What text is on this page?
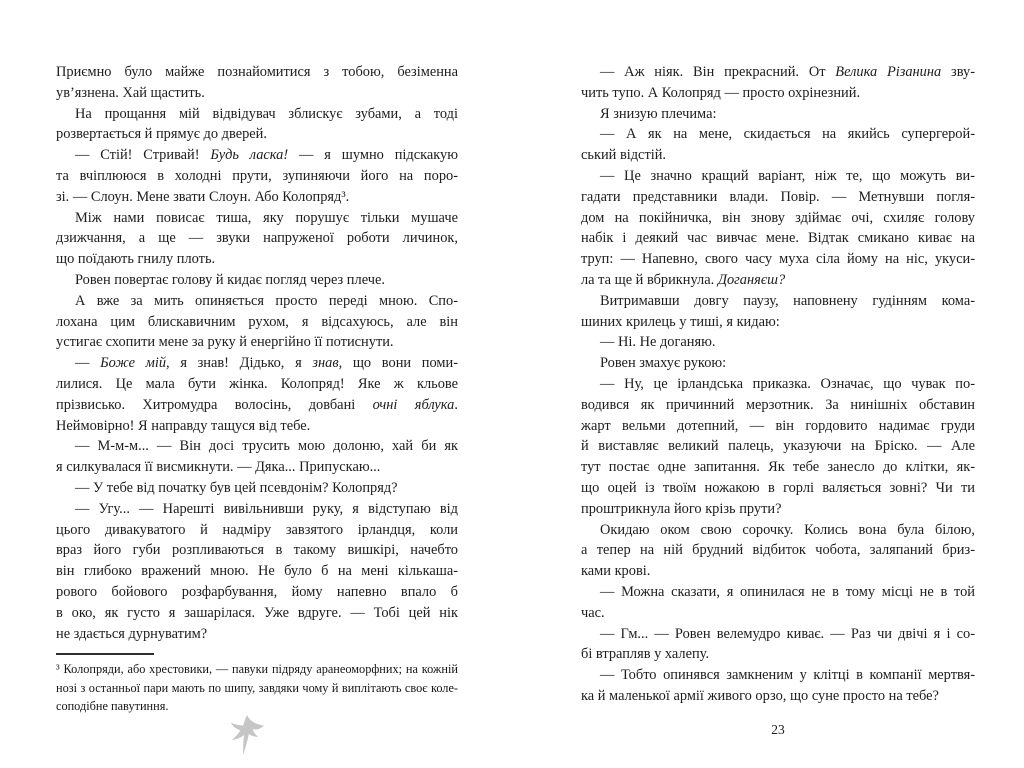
Приємно було майже познайомитися з тобою, безіменна
ув’язнена. Хай щастить.
На прощання мій відвідувач зблискує зубами, а тоді
розвертається й прямує до дверей.
— Стій! Стривай! Будь ласка! — я шумно підскакую
та вчіплююся в холодні прути, зупиняючи його на поро-
зі. — Слоун. Мене звати Слоун. Або Колопряд³.
Між нами повисає тиша, яку порушує тільки мушаче
дзижчання, а ще — звуки напруженої роботи личинок,
що поїдають гнилу плоть.
Ровен повертає голову й кидає погляд через плече.
А вже за мить опиняється просто переді мною. Спо-
лохана цим блискавичним рухом, я відсахуюсь, але він
устигає схопити мене за руку й енергійно її потиснути.
— Боже мій, я знав! Дідько, я знав, що вони поми-
лилися. Це мала бути жінка. Колопряд! Яке ж кльове
прізвисько. Хитромудра волосінь, довбані очні яблука.
Неймовірно! Я направду тащуся від тебе.
— М-м-м... — Він досі трусить мою долоню, хай би як
я силкувалася її висмикнути. — Дяка... Припускаю...
— У тебе від початку був цей псевдонім? Колопряд?
— Угу... — Нарешті вивільнивши руку, я відступаю від
цього дивакуватого й надміру завзятого ірландця, коли
враз його губи розпливаються в такому вишкірі, начебто
він глибоко вражений мною. Не було б на мені кількаша-
рового бойового розфарбування, йому напевно впало б
в око, як густо я зашарілася. Уже вдруге. — Тобі цей нік
не здається дурнуватим?
³ Колопряди, або хрестовики, — павуки підряду аранеоморфних; на кожній
нозі з останньої пари мають по шипу, завдяки чому й виплітають своє коле-
соподібне павутиння.
— Аж ніяк. Він прекрасний. От Велика Різанина зву-
чить тупо. А Колопряд — просто охрінезний.
Я знизую плечима:
— А як на мене, скидається на якийсь супергерой-
ський відстій.
— Це значно кращий варіант, ніж те, що можуть ви-
гадати представники влади. Повір. — Метнувши погля-
дом на покійничка, він знову здіймає очі, схиляє голову
набік і деякий час вивчає мене. Відтак смикано киває на
труп: — Напевно, свого часу муха сіла йому на ніс, укуси-
ла та ще й вбрикнула. Доганяєш?
Витримавши довгу паузу, наповнену гудінням кома-
шиних крилець у тиші, я кидаю:
— Ні. Не доганяю.
Ровен змахує рукою:
— Ну, це ірландська приказка. Означає, що чувак по-
водився як причинний мерзотник. За нинішніх обставин
жарт вельми дотепний, — він гордовито надимає груди
й виставляє великий палець, указуючи на Бріско. — Але
тут постає одне запитання. Як тебе занесло до клітки, як-
що оцей із твоїм ножакою в горлі валяється зовні? Чи ти
проштрикнула його крізь прути?
Окидаю оком свою сорочку. Колись вона була білою,
а тепер на ній брудний відбиток чобота, заляпаний бриз-
ками крові.
— Можна сказати, я опинилася не в тому місці не в той
час.
— Гм... — Ровен велемудро киває. — Раз чи двічі я і со-
бі втрапляв у халепу.
— Тобто опинявся замкненим у клітці в компанії мертвя-
ка й маленької армії живого орзо, що суне просто на тебе?
23
